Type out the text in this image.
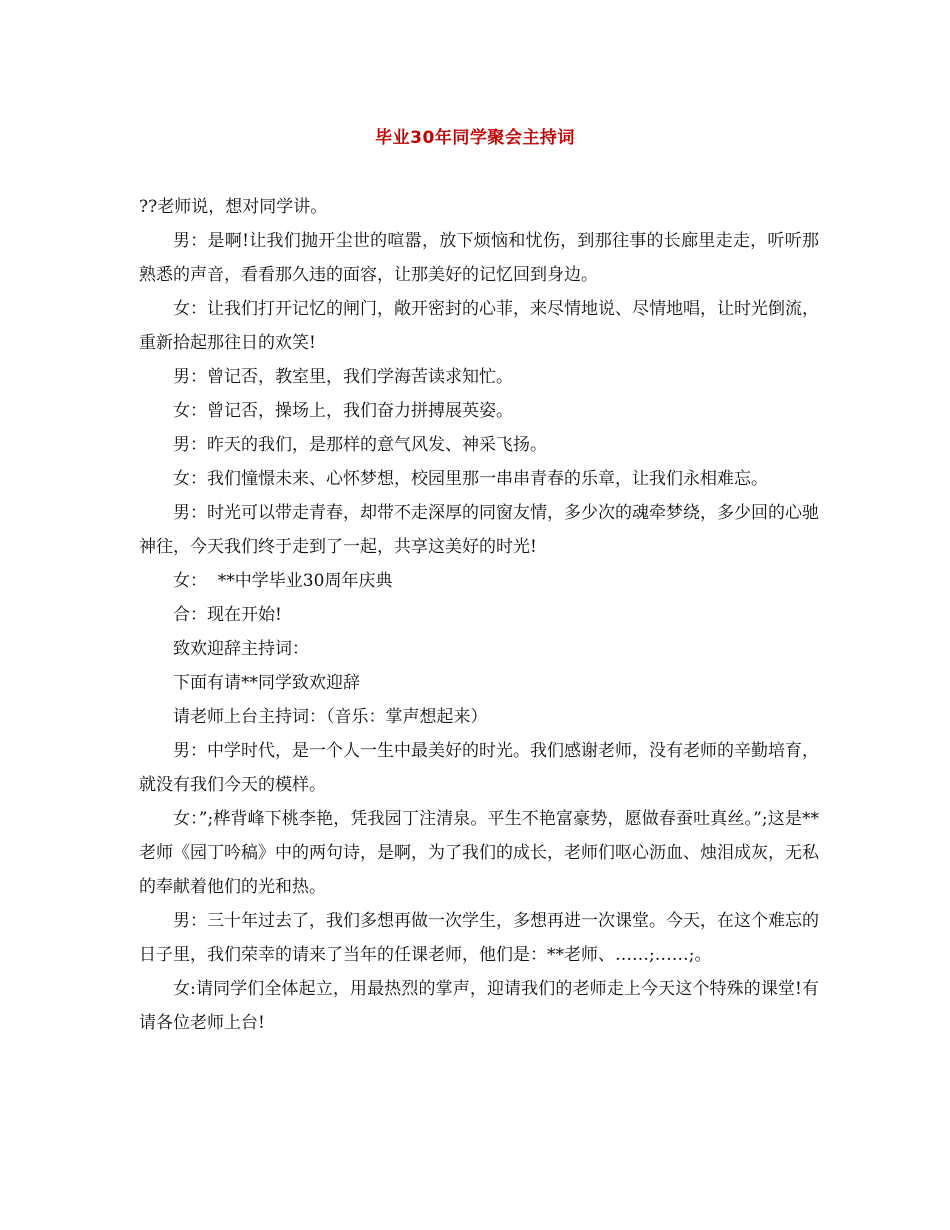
毕业30年同学聚会主持词

??老师说，想对同学讲。

男：是啊!让我们抛开尘世的喧嚣，放下烦恼和忧伤，到那往事的长廊里走走，听听那熟悉的声音，看看那久违的面容，让那美好的记忆回到身边。

女：让我们打开记忆的闸门，敞开密封的心菲，来尽情地说、尽情地唱，让时光倒流，重新拾起那往日的欢笑!

男：曾记否，教室里，我们学海苦读求知忙。

女：曾记否，操场上，我们奋力拼搏展英姿。

男：昨天的我们，是那样的意气风发、神采飞扬。

女：我们憧憬未来、心怀梦想，校园里那一串串青春的乐章，让我们永相难忘。

男：时光可以带走青春，却带不走深厚的同窗友情，多少次的魂牵梦绕，多少回的心驰神往，今天我们终于走到了一起，共享这美好的时光!

女：  **中学毕业30周年庆典

合：现在开始!

致欢迎辞主持词：

下面有请**同学致欢迎辞

请老师上台主持词：（音乐：掌声想起来）

男：中学时代，是一个人一生中最美好的时光。我们感谢老师，没有老师的辛勤培育，就没有我们今天的模样。

女：”;桦背峰下桃李艳，凭我园丁注清泉。平生不艳富豪势，愿做春蚕吐真丝。”;这是**老师《园丁吟稿》中的两句诗，是啊，为了我们的成长，老师们呕心沥血、烛泪成灰，无私的奉献着他们的光和热。

男：三十年过去了，我们多想再做一次学生，多想再进一次课堂。今天，在这个难忘的日子里，我们荣幸的请来了当年的任课老师，他们是：**老师、……;……;。

女:请同学们全体起立，用最热烈的掌声，迎请我们的老师走上今天这个特殊的课堂!有请各位老师上台!
